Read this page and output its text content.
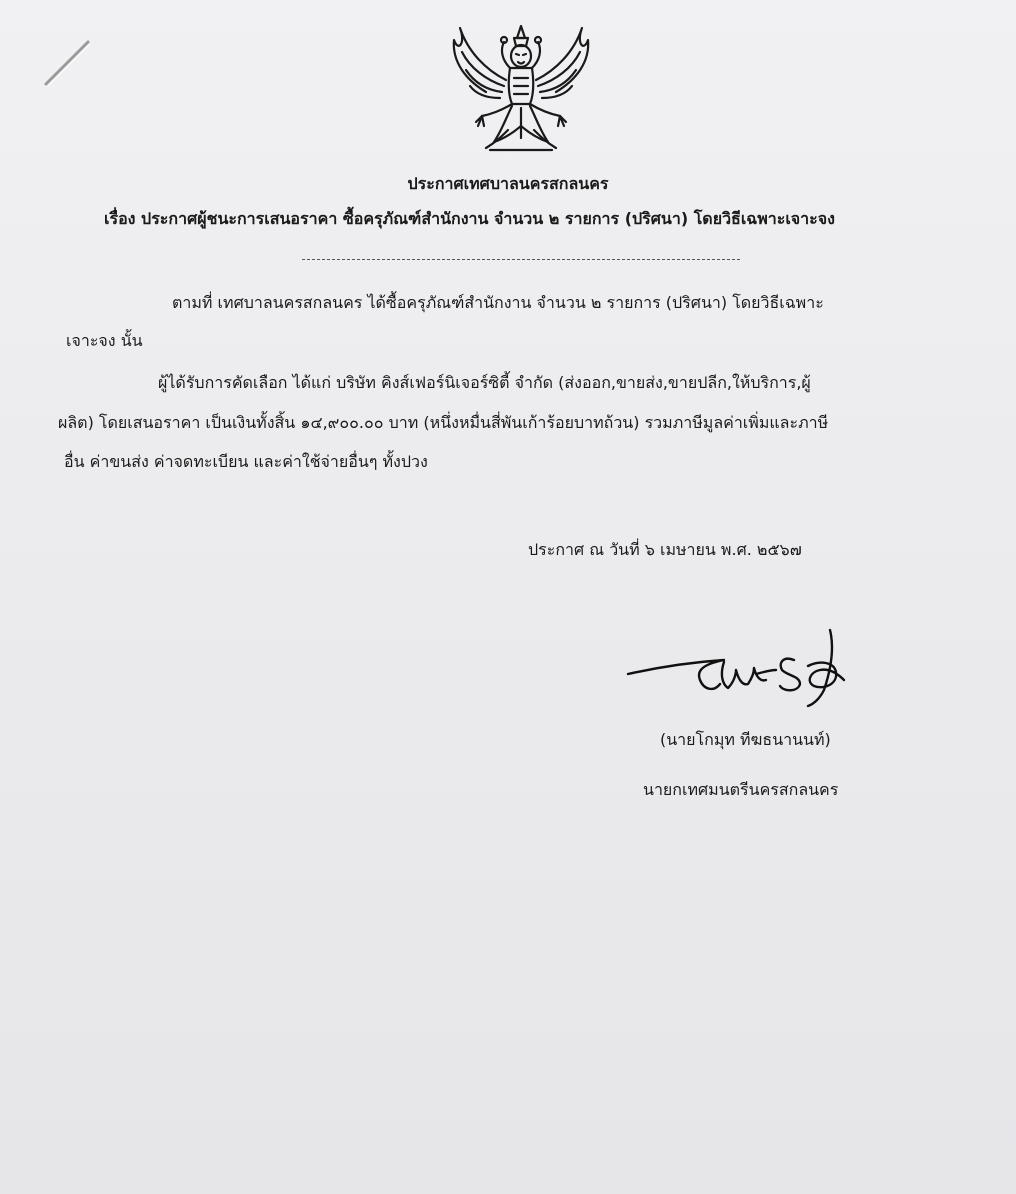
ประกาศเทศบาลนครสกลนคร
เรื่อง ประกาศผู้ชนะการเสนอราคา ซื้อครุภัณฑ์สำนักงาน จำนวน ๒ รายการ (ปริศนา) โดยวิธีเฉพาะเจาะจง
ตามที่ เทศบาลนครสกลนคร ได้ซื้อครุภัณฑ์สำนักงาน จำนวน ๒ รายการ (ปริศนา) โดยวิธีเฉพาะ
เจาะจง นั้น
ผู้ได้รับการคัดเลือก ได้แก่ บริษัท คิงส์เฟอร์นิเจอร์ซิตี้ จำกัด (ส่งออก,ขายส่ง,ขายปลีก,ให้บริการ,ผู้
ผลิต) โดยเสนอราคา เป็นเงินทั้งสิ้น ๑๔,๙๐๐.๐๐ บาท (หนึ่งหมื่นสี่พันเก้าร้อยบาทถ้วน) รวมภาษีมูลค่าเพิ่มและภาษี
อื่น ค่าขนส่ง ค่าจดทะเบียน และค่าใช้จ่ายอื่นๆ ทั้งปวง
ประกาศ ณ วันที่ ๖ เมษายน พ.ศ. ๒๕๖๗
(นายโกมุท ทีฆธนานนท์)
นายกเทศมนตรีนครสกลนคร
